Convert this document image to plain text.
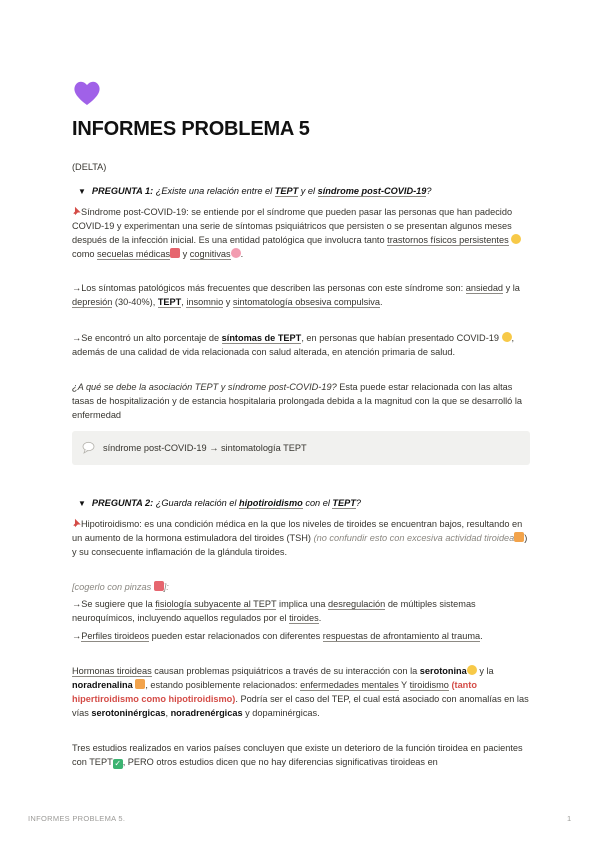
INFORMES PROBLEMA 5
(DELTA)
▼ PREGUNTA 1: ¿Existe una relación entre el TEPT y el síndrome post-COVID-19?
Síndrome post-COVID-19: se entiende por el síndrome que pueden pasar las personas que han padecido COVID-19 y experimentan una serie de síntomas psiquiátricos que persisten o se presentan algunos meses después de la infección inicial. Es una entidad patológica que involucra tanto trastornos físicos persistentes como secuelas médicas y cognitivas .
→Los síntomas patológicos más frecuentes que describen las personas con este síndrome son: ansiedad y la depresión (30-40%), TEPT, insomnio y sintomatología obsesiva compulsiva.
→Se encontró un alto porcentaje de síntomas de TEPT, en personas que habían presentado COVID-19 , además de una calidad de vida relacionada con salud alterada, en atención primaria de salud.
¿A qué se debe la asociación TEPT y síndrome post-COVID-19? Esta puede estar relacionada con las altas tasas de hospitalización y de estancia hospitalaria prolongada debida a la magnitud con la que se desarrolló la enfermedad
síndrome post-COVID-19 → sintomatología TEPT
▼ PREGUNTA 2: ¿Guarda relación el hipotiroidismo con el TEPT?
Hipotiroidismo: es una condición médica en la que los niveles de tiroides se encuentran bajos, resultando en un aumento de la hormona estimuladora del tiroides (TSH) (no confundir esto con excesiva actividad tiroidea ) y su consecuente inflamación de la glándula tiroides.
[cogerlo con pinzas ]:
→Se sugiere que la fisiología subyacente al TEPT implica una desregulación de múltiples sistemas neuroquímicos, incluyendo aquellos regulados por el tiroides.
→Perfiles tiroideos pueden estar relacionados con diferentes respuestas de afrontamiento al trauma.
Hormonas tiroideas causan problemas psiquiátricos a través de su interacción con la serotonina y la noradrenalina , estando posiblemente relacionados: enfermedades mentales Y tiroidismo (tanto hipertiroidismo como hipotiroidismo). Podría ser el caso del TEP, el cual está asociado con anomalías en las vías serotoninérgicas, noradrenérgicas y dopaminérgicas.
Tres estudios realizados en varios países concluyen que existe un deterioro de la función tiroidea en pacientes con TEPT ✓ , PERO otros estudios dicen que no hay diferencias significativas tiroideas en
INFORMES PROBLEMA 5.	1
